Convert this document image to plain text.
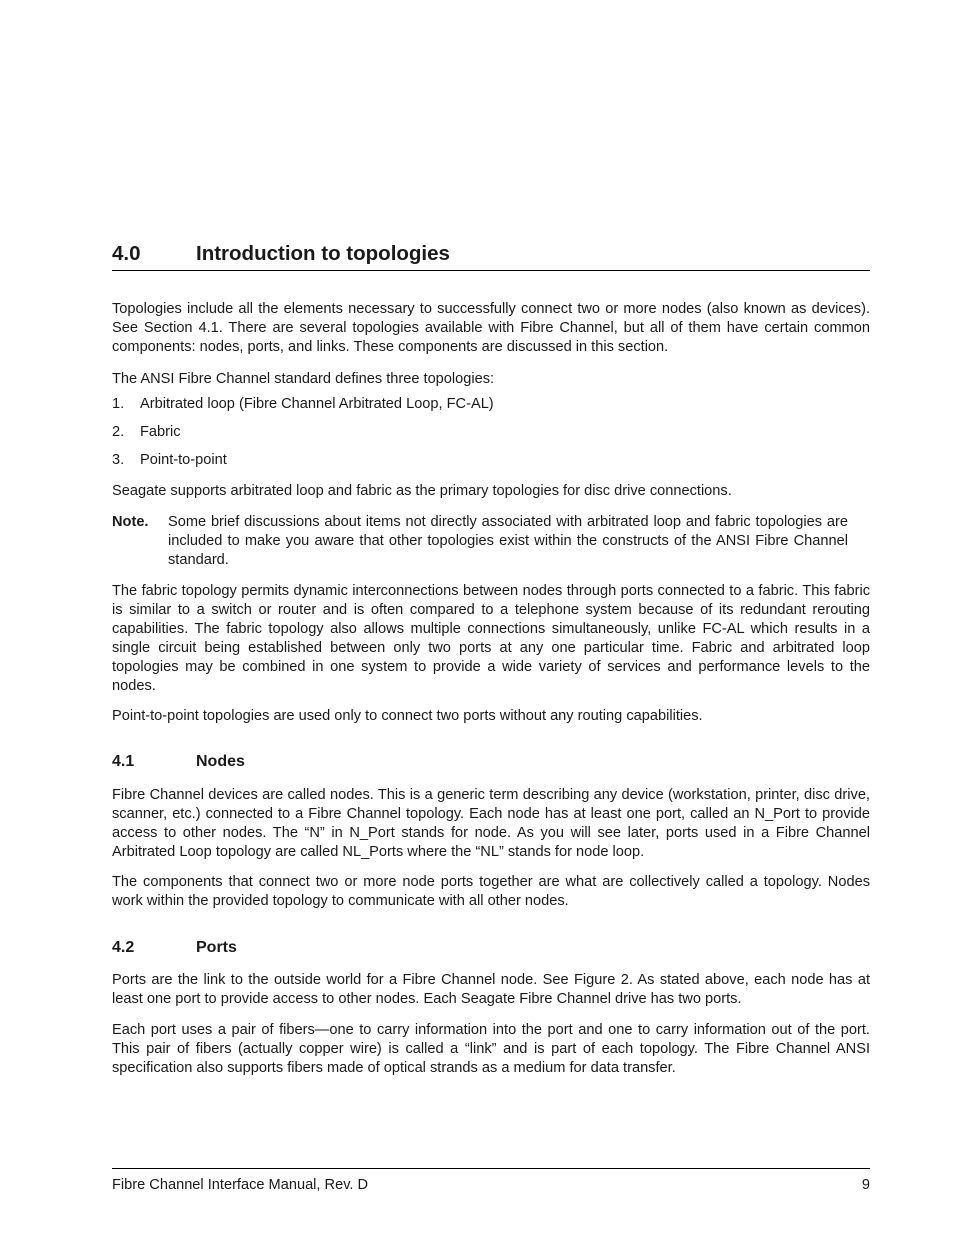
4.0	Introduction to topologies

Topologies include all the elements necessary to successfully connect two or more nodes (also known as devices). See Section 4.1. There are several topologies available with Fibre Channel, but all of them have certain common components: nodes, ports, and links. These components are discussed in this section.

The ANSI Fibre Channel standard defines three topologies:

1. Arbitrated loop (Fibre Channel Arbitrated Loop, FC-AL)
2. Fabric
3. Point-to-point

Seagate supports arbitrated loop and fabric as the primary topologies for disc drive connections.

Note. Some brief discussions about items not directly associated with arbitrated loop and fabric topologies are included to make you aware that other topologies exist within the constructs of the ANSI Fibre Channel standard.

The fabric topology permits dynamic interconnections between nodes through ports connected to a fabric. This fabric is similar to a switch or router and is often compared to a telephone system because of its redundant rerouting capabilities. The fabric topology also allows multiple connections simultaneously, unlike FC-AL which results in a single circuit being established between only two ports at any one particular time. Fabric and arbitrated loop topologies may be combined in one system to provide a wide variety of services and performance levels to the nodes.

Point-to-point topologies are used only to connect two ports without any routing capabilities.

4.1	Nodes

Fibre Channel devices are called nodes. This is a generic term describing any device (workstation, printer, disc drive, scanner, etc.) connected to a Fibre Channel topology. Each node has at least one port, called an N_Port to provide access to other nodes. The “N” in N_Port stands for node. As you will see later, ports used in a Fibre Channel Arbitrated Loop topology are called NL_Ports where the “NL” stands for node loop.

The components that connect two or more node ports together are what are collectively called a topology. Nodes work within the provided topology to communicate with all other nodes.

4.2	Ports

Ports are the link to the outside world for a Fibre Channel node. See Figure 2. As stated above, each node has at least one port to provide access to other nodes. Each Seagate Fibre Channel drive has two ports.

Each port uses a pair of fibers—one to carry information into the port and one to carry information out of the port. This pair of fibers (actually copper wire) is called a “link” and is part of each topology. The Fibre Channel ANSI specification also supports fibers made of optical strands as a medium for data transfer.

Fibre Channel Interface Manual, Rev. D	9
